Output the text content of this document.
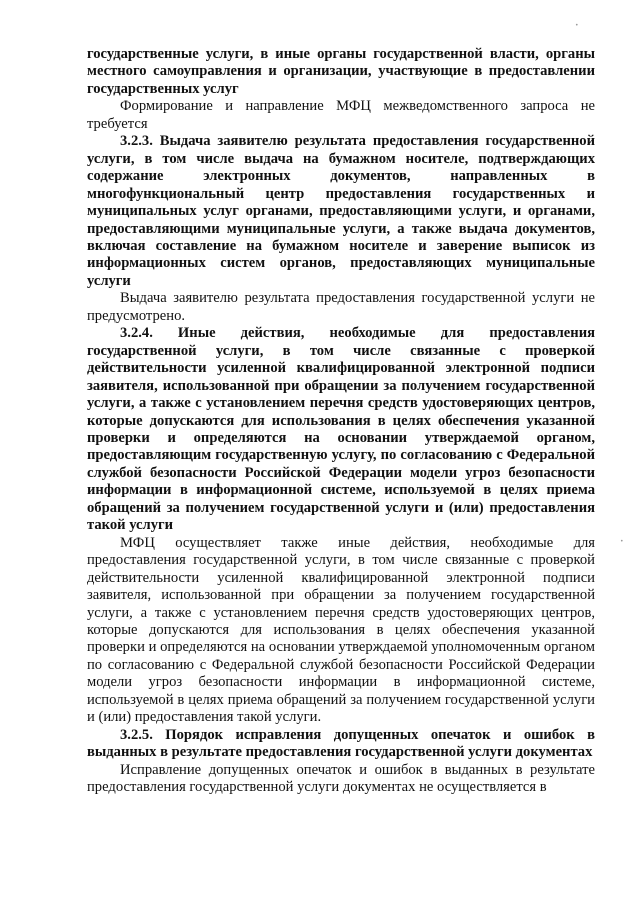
государственные услуги, в иные органы государственной власти, органы местного самоуправления и организации, участвующие в предоставлении государственных услуг

Формирование и направление МФЦ межведомственного запроса не требуется

3.2.3. Выдача заявителю результата предоставления государственной услуги, в том числе выдача на бумажном носителе, подтверждающих содержание электронных документов, направленных в многофункциональный центр предоставления государственных и муниципальных услуг органами, предоставляющими услуги, и органами, предоставляющими муниципальные услуги, а также выдача документов, включая составление на бумажном носителе и заверение выписок из информационных систем органов, предоставляющих муниципальные услуги

Выдача заявителю результата предоставления государственной услуги не предусмотрено.

3.2.4. Иные действия, необходимые для предоставления государственной услуги, в том числе связанные с проверкой действительности усиленной квалифицированной электронной подписи заявителя, использованной при обращении за получением государственной услуги, а также с установлением перечня средств удостоверяющих центров, которые допускаются для использования в целях обеспечения указанной проверки и определяются на основании утверждаемой органом, предоставляющим государственную услугу, по согласованию с Федеральной службой безопасности Российской Федерации модели угроз безопасности информации в информационной системе, используемой в целях приема обращений за получением государственной услуги и (или) предоставления такой услуги

МФЦ осуществляет также иные действия, необходимые для предоставления государственной услуги, в том числе связанные с проверкой действительности усиленной квалифицированной электронной подписи заявителя, использованной при обращении за получением государственной услуги, а также с установлением перечня средств удостоверяющих центров, которые допускаются для использования в целях обеспечения указанной проверки и определяются на основании утверждаемой уполномоченным органом по согласованию с Федеральной службой безопасности Российской Федерации модели угроз безопасности информации в информационной системе, используемой в целях приема обращений за получением государственной услуги и (или) предоставления такой услуги.

3.2.5. Порядок исправления допущенных опечаток и ошибок в выданных в результате предоставления государственной услуги документах

Исправление допущенных опечаток и ошибок в выданных в результате предоставления государственной услуги документах не осуществляется в

•
•
